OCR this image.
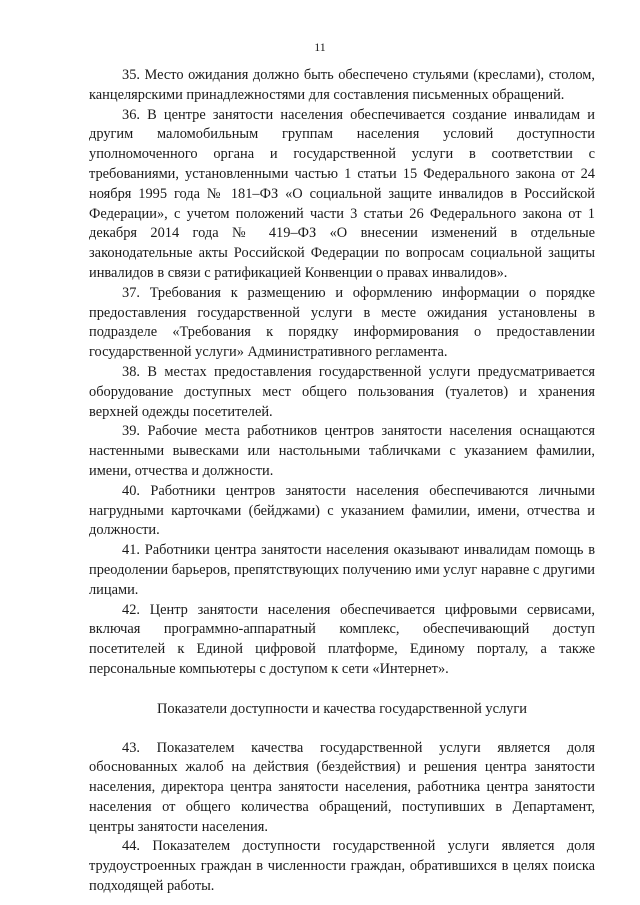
11

35. Место ожидания должно быть обеспечено стульями (креслами), столом, канцелярскими принадлежностями для составления письменных обращений.

36. В центре занятости населения обеспечивается создание инвалидам и другим маломобильным группам населения условий доступности уполномоченного органа и государственной услуги в соответствии с требованиями, установленными частью 1 статьи 15 Федерального закона от 24 ноября 1995 года № 181–ФЗ «О социальной защите инвалидов в Российской Федерации», с учетом положений части 3 статьи 26 Федерального закона от 1 декабря 2014 года № 419–ФЗ «О внесении изменений в отдельные законодательные акты Российской Федерации по вопросам социальной защиты инвалидов в связи с ратификацией Конвенции о правах инвалидов».

37. Требования к размещению и оформлению информации о порядке предоставления государственной услуги в месте ожидания установлены в подразделе «Требования к порядку информирования о предоставлении государственной услуги» Административного регламента.

38. В местах предоставления государственной услуги предусматривается оборудование доступных мест общего пользования (туалетов) и хранения верхней одежды посетителей.

39. Рабочие места работников центров занятости населения оснащаются настенными вывесками или настольными табличками с указанием фамилии, имени, отчества и должности.

40. Работники центров занятости населения обеспечиваются личными нагрудными карточками (бейджами) с указанием фамилии, имени, отчества и должности.

41. Работники центра занятости населения оказывают инвалидам помощь в преодолении барьеров, препятствующих получению ими услуг наравне с другими лицами.

42. Центр занятости населения обеспечивается цифровыми сервисами, включая программно-аппаратный комплекс, обеспечивающий доступ посетителей к Единой цифровой платформе, Единому порталу, а также персональные компьютеры с доступом к сети «Интернет».

Показатели доступности и качества государственной услуги

43. Показателем качества государственной услуги является доля обоснованных жалоб на действия (бездействия) и решения центра занятости населения, директора центра занятости населения, работника центра занятости населения от общего количества обращений, поступивших в Департамент, центры занятости населения.

44. Показателем доступности государственной услуги является доля трудоустроенных граждан в численности граждан, обратившихся в целях поиска подходящей работы.
